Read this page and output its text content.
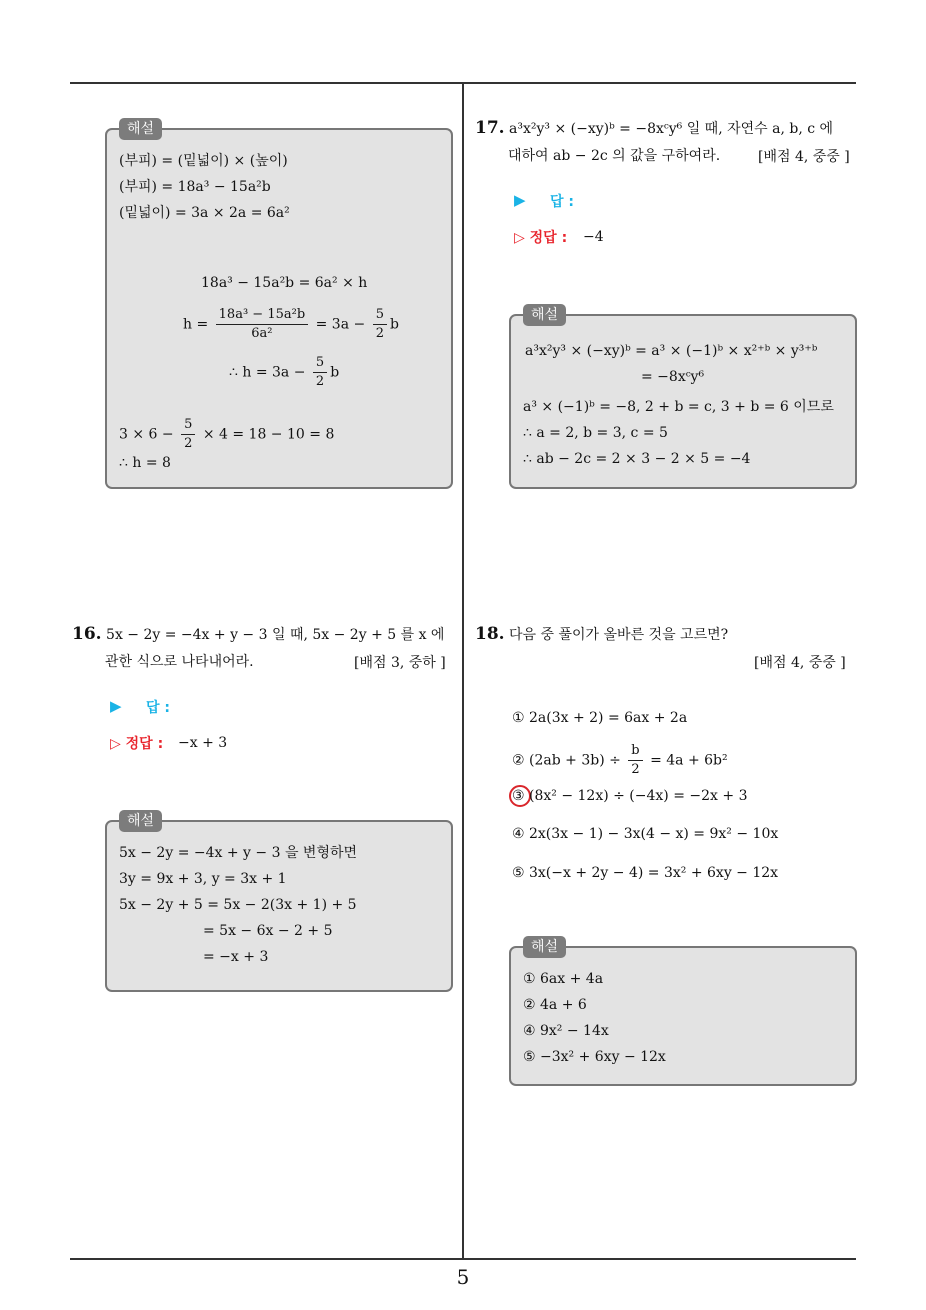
5
해설
(부피) = (밑넓이) × (높이)
(부피) = 18a³ − 15a²b
(밑넓이) = 3a × 2a = 6a²
18a³ − 15a²b = 6a² × h
$h = \frac{\text{18a³ − 15a²b}}{\text{6a²}} = 3a - \frac{5}{2}$ b
∴ $h = 3a - \frac{5}{2}$ b
$3 \times 6 - \frac{5}{2} \times 4 = 18 - 10 = 8$
∴ h = 8
16. 5x − 2y = −4x + y − 3 일 때, 5x − 2y + 5 를 x 에
관한 식으로 나타내어라.	[배점 3, 중하 ]
▶ 답 :
▷ 정답 : −x + 3
해설
5x − 2y = −4x + y − 3 을 변형하면
3y = 9x + 3, y = 3x + 1
5x − 2y + 5 = 5x − 2(3x + 1) + 5
= 5x − 6x − 2 + 5
= −x + 3
17. a³x²y³ × (−xy)ᵇ = −8xᶜy⁶ 일 때, 자연수 a, b, c 에
대하여 ab − 2c 의 값을 구하여라.	[배점 4, 중중 ]
▶ 답 :
▷ 정답 : −4
해설
a³x²y³ × (−xy)ᵇ = a³ × (−1)ᵇ × x²⁺ᵇ × y³⁺ᵇ
= −8xᶜy⁶
a³ × (−1)ᵇ = −8, 2 + b = c, 3 + b = 6 이므로
∴ a = 2, b = 3, c = 5
∴ ab − 2c = 2 × 3 − 2 × 5 = −4
18. 다음 중 풀이가 올바른 것을 고르면?
[배점 4, 중중 ]
① 2a(3x + 2) = 6ax + 2a
② $(2ab + 3b) \div \frac{b}{2} = 4a + 6b^2$
③ (8x² − 12x) ÷ (−4x) = −2x + 3
④ 2x(3x − 1) − 3x(4 − x) = 9x² − 10x
⑤ 3x(−x + 2y − 4) = 3x² + 6xy − 12x
해설
① 6ax + 4a
② 4a + 6
④ 9x² − 14x
⑤ −3x² + 6xy − 12x
